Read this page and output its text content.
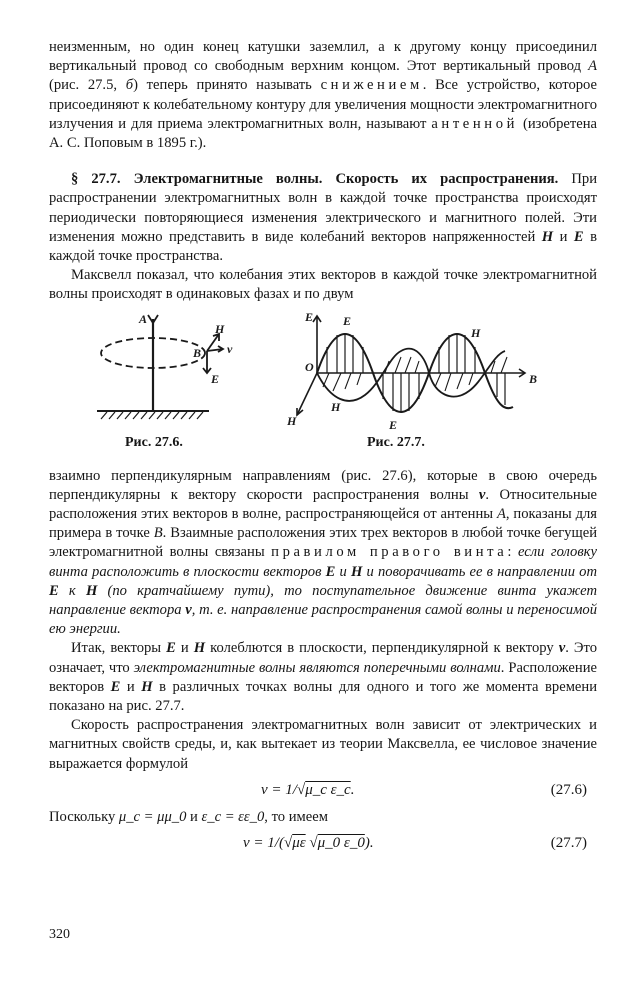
неизменным, но один конец катушки заземлил, а к другому концу присоединил вертикальный провод со свободным верхним концом. Этот вертикальный провод A (рис. 27.5, б) теперь принято называть снижением. Все устройство, которое присоединяют к колебательному контуру для увеличения мощности электромагнитного излучения и для приема электромагнитных волн, называют антенной (изобретена А. С. Поповым в 1895 г.).

§ 27.7. Электромагнитные волны. Скорость их распространения. При распространении электромагнитных волн в каждой точке пространства происходят периодически повторяющиеся изменения электрического и магнитного полей. Эти изменения можно представить в виде колебаний векторов напряженностей H и E в каждой точке пространства.

Максвелл показал, что колебания этих векторов в каждой точке электромагнитной волны происходят в одинаковых фазах и по двум

A
B
H
v
E
Рис. 27.6.
E E
H
O
B
H
H
E
Рис. 27.7.

взаимно перпендикулярным направлениям (рис. 27.6), которые в свою очередь перпендикулярны к вектору скорости распространения волны v. Относительные расположения этих векторов в волне, распространяющейся от антенны A, показаны для примера в точке B. Взаимные расположения этих трех векторов в любой точке бегущей электромагнитной волны связаны правилом правого винта: если головку винта расположить в плоскости векторов E и H и поворачивать ее в направлении от E к H (по кратчайшему пути), то поступательное движение винта укажет направление вектора v, т. е. направление распространения самой волны и переносимой ею энергии.

Итак, векторы E и H колеблются в плоскости, перпендикулярной к вектору v. Это означает, что электромагнитные волны являются поперечными волнами. Расположение векторов E и H в различных точках волны для одного и того же момента времени показано на рис. 27.7.

Скорость распространения электромагнитных волн зависит от электрических и магнитных свойств среды, и, как вытекает из теории Максвелла, ее числовое значение выражается формулой

v = 1/√μ_c ε_c.	(27.6)

Поскольку μ_c = μμ_0 и ε_c = εε_0, то имеем

v = 1/(√με √μ_0 ε_0).	(27.7)
320
